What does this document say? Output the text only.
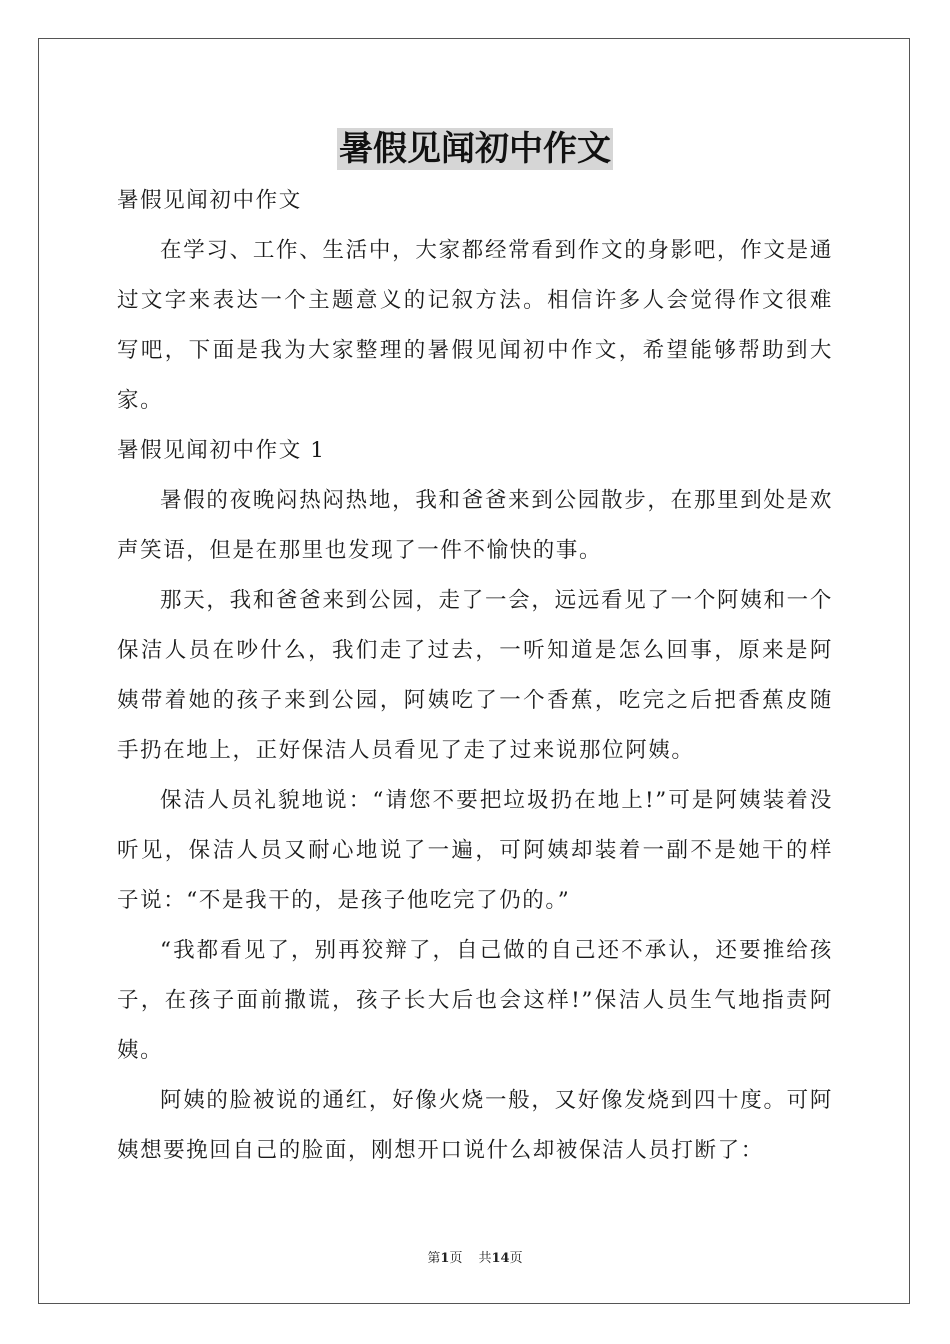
暑假见闻初中作文

暑假见闻初中作文

在学习、工作、生活中，大家都经常看到作文的身影吧，作文是通过文字来表达一个主题意义的记叙方法。相信许多人会觉得作文很难写吧，下面是我为大家整理的暑假见闻初中作文，希望能够帮助到大家。

暑假见闻初中作文 1

暑假的夜晚闷热闷热地，我和爸爸来到公园散步，在那里到处是欢声笑语，但是在那里也发现了一件不愉快的事。

那天，我和爸爸来到公园，走了一会，远远看见了一个阿姨和一个保洁人员在吵什么，我们走了过去，一听知道是怎么回事，原来是阿姨带着她的孩子来到公园，阿姨吃了一个香蕉，吃完之后把香蕉皮随手扔在地上，正好保洁人员看见了走了过来说那位阿姨。

保洁人员礼貌地说：“请您不要把垃圾扔在地上!”可是阿姨装着没听见，保洁人员又耐心地说了一遍，可阿姨却装着一副不是她干的样子说：“不是我干的，是孩子他吃完了仍的。”

“我都看见了，别再狡辩了，自己做的自己还不承认，还要推给孩子，在孩子面前撒谎，孩子长大后也会这样!”保洁人员生气地指责阿姨。

阿姨的脸被说的通红，好像火烧一般，又好像发烧到四十度。可阿姨想要挽回自己的脸面，刚想开口说什么却被保洁人员打断了：

第1页 共14页
